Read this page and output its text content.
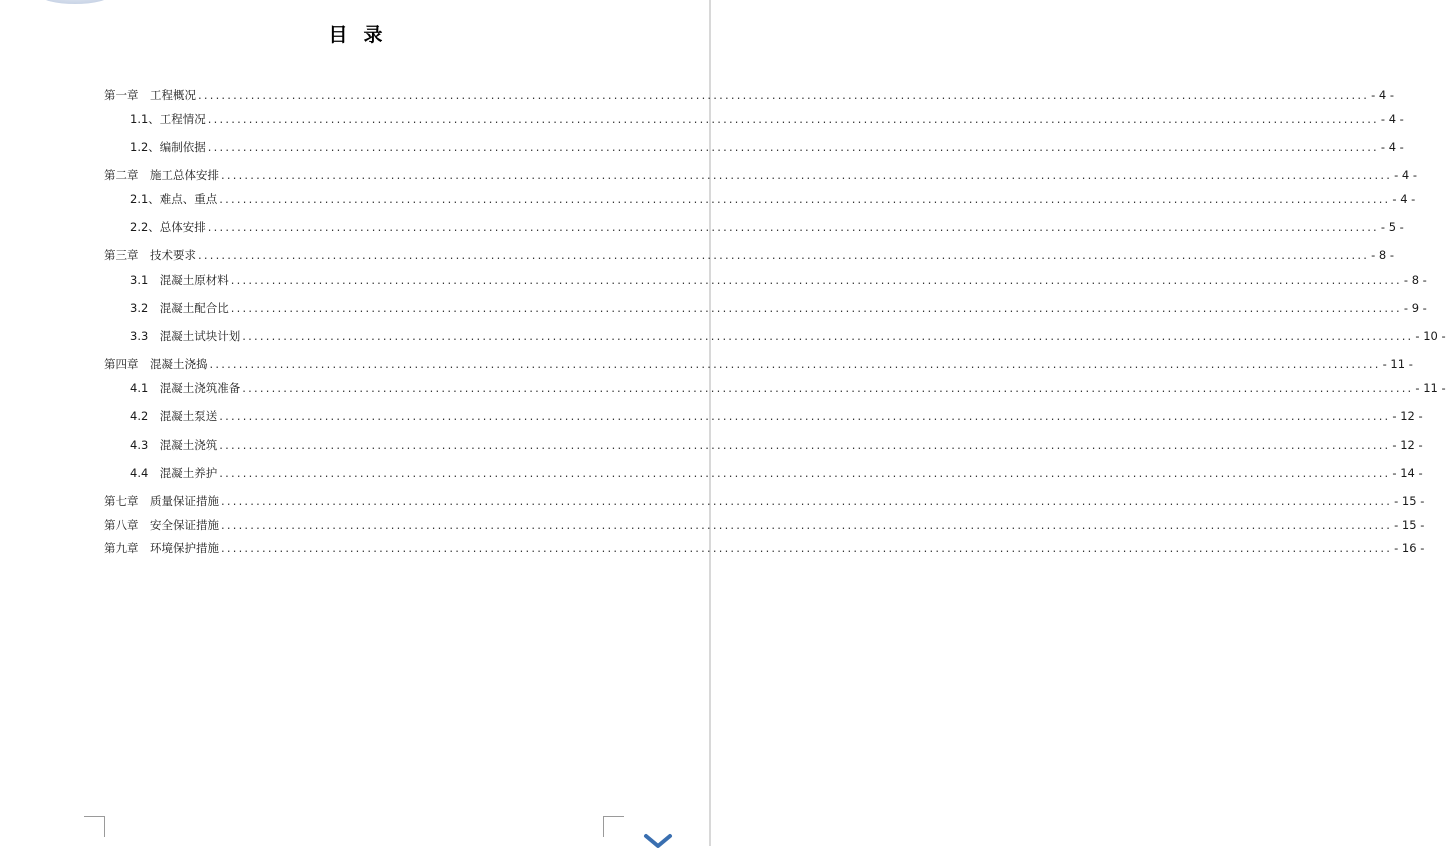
目录
第一章　工程概况 ........................................................................................................................................................................................................ - 4 -
1.1、工程情况 ........................................................................................................................................................................................................ - 4 -
1.2、编制依据 ........................................................................................................................................................................................................ - 4 -
第二章　施工总体安排 ........................................................................................................................................................................................................ - 4 -
2.1、难点、重点 ........................................................................................................................................................................................................ - 4 -
2.2、总体安排 ........................................................................................................................................................................................................ - 5 -
第三章　技术要求 ........................................................................................................................................................................................................ - 8 -
3.1　混凝土原材料 ........................................................................................................................................................................................................ - 8 -
3.2　混凝土配合比 ........................................................................................................................................................................................................ - 9 -
3.3　混凝土试块计划 ........................................................................................................................................................................................................ - 10 -
第四章　混凝土浇捣 ........................................................................................................................................................................................................ - 11 -
4.1　混凝土浇筑准备 ........................................................................................................................................................................................................ - 11 -
4.2　混凝土泵送 ........................................................................................................................................................................................................ - 12 -
4.3　混凝土浇筑 ........................................................................................................................................................................................................ - 12 -
4.4　混凝土养护 ........................................................................................................................................................................................................ - 14 -
第七章　质量保证措施 ........................................................................................................................................................................................................ - 15 -
第八章　安全保证措施 ........................................................................................................................................................................................................ - 15 -
第九章　环境保护措施 ........................................................................................................................................................................................................ - 16 -
